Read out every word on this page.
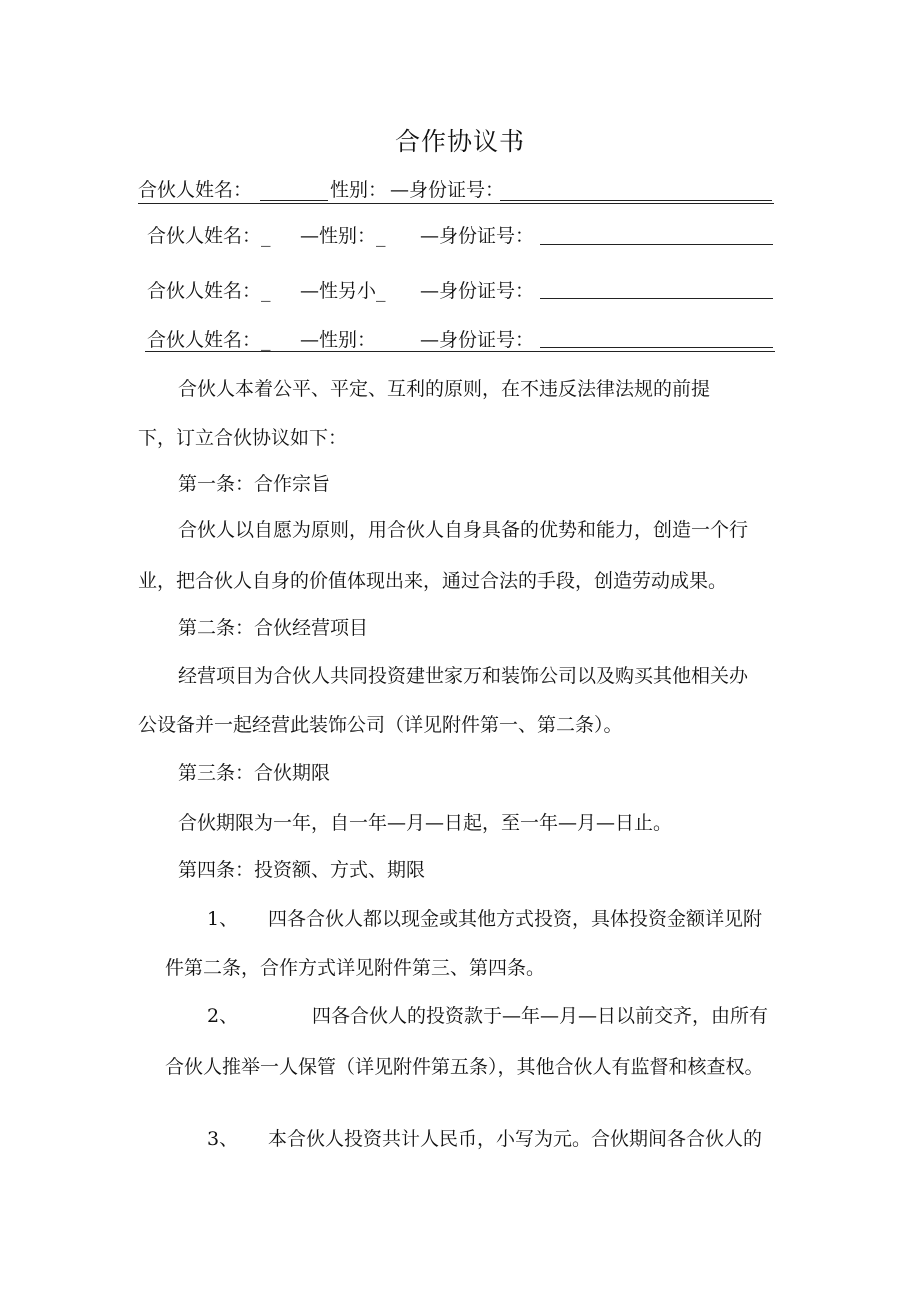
合作协议书
合伙人姓名：	性别： —身份证号：
合伙人姓名：_ —性别：_ —身份证号：
合伙人姓名：_ —性另小_ —身份证号：
合伙人姓名：_ —性别： —身份证号：
合伙人本着公平、平定、互利的原则，在不违反法律法规的前提
下，订立合伙协议如下：
第一条：合作宗旨
合伙人以自愿为原则，用合伙人自身具备的优势和能力，创造一个行
业，把合伙人自身的价值体现出来，通过合法的手段，创造劳动成果。
第二条：合伙经营项目
经营项目为合伙人共同投资建世家万和装饰公司以及购买其他相关办
公设备并一起经营此装饰公司（详见附件第一、第二条）。
第三条：合伙期限
合伙期限为一年，自一年—月—日起，至一年—月—日止。
第四条：投资额、方式、期限
1、 四各合伙人都以现金或其他方式投资，具体投资金额详见附
件第二条，合作方式详见附件第三、第四条。
2、	四各合伙人的投资款于—年—月—日以前交齐，由所有
合伙人推举一人保管（详见附件第五条），其他合伙人有监督和核查权。
3、 本合伙人投资共计人民币，小写为元。合伙期间各合伙人的
